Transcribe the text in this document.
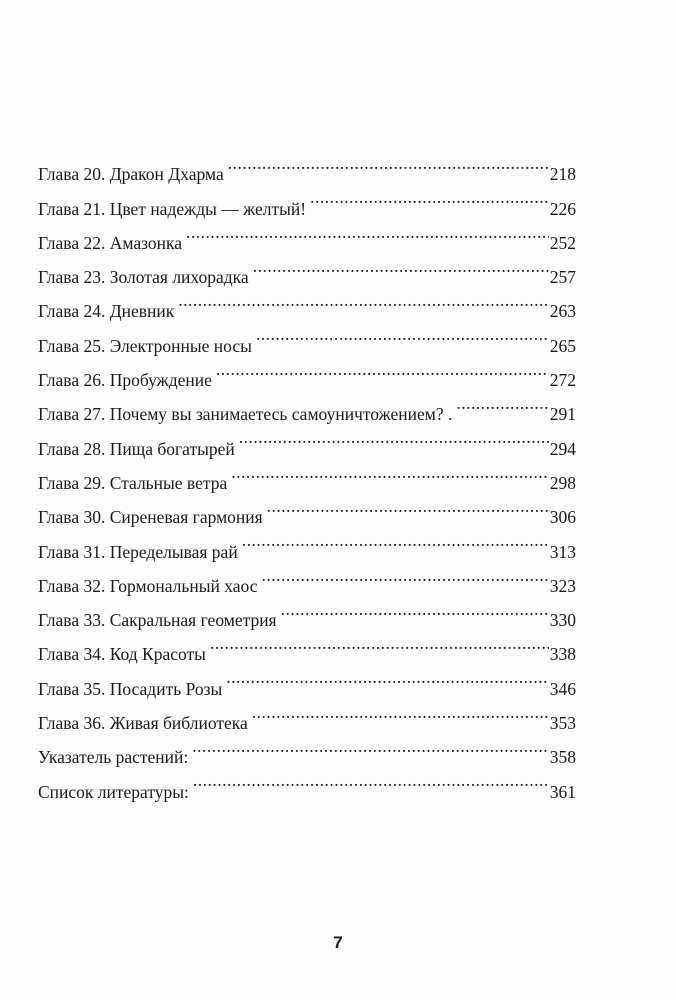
Глава 20. Дракон Дхарма .....	218
Глава 21. Цвет надежды — желтый! .....	226
Глава 22. Амазонка .....	252
Глава 23. Золотая лихорадка .....	257
Глава 24. Дневник .....	263
Глава 25. Электронные носы .....	265
Глава 26. Пробуждение .....	272
Глава 27. Почему вы занимаетесь самоуничтожением? . .....	291
Глава 28. Пища богатырей .....	294
Глава 29. Стальные ветра .....	298
Глава 30. Сиреневая гармония .....	306
Глава 31. Переделывая рай .....	313
Глава 32. Гормональный хаос .....	323
Глава 33. Сакральная геометрия .....	330
Глава 34. Код Красоты .....	338
Глава 35. Посадить Розы .....	346
Глава 36. Живая библиотека .....	353
Указатель растений: .....	358
Список литературы: .....	361
7
